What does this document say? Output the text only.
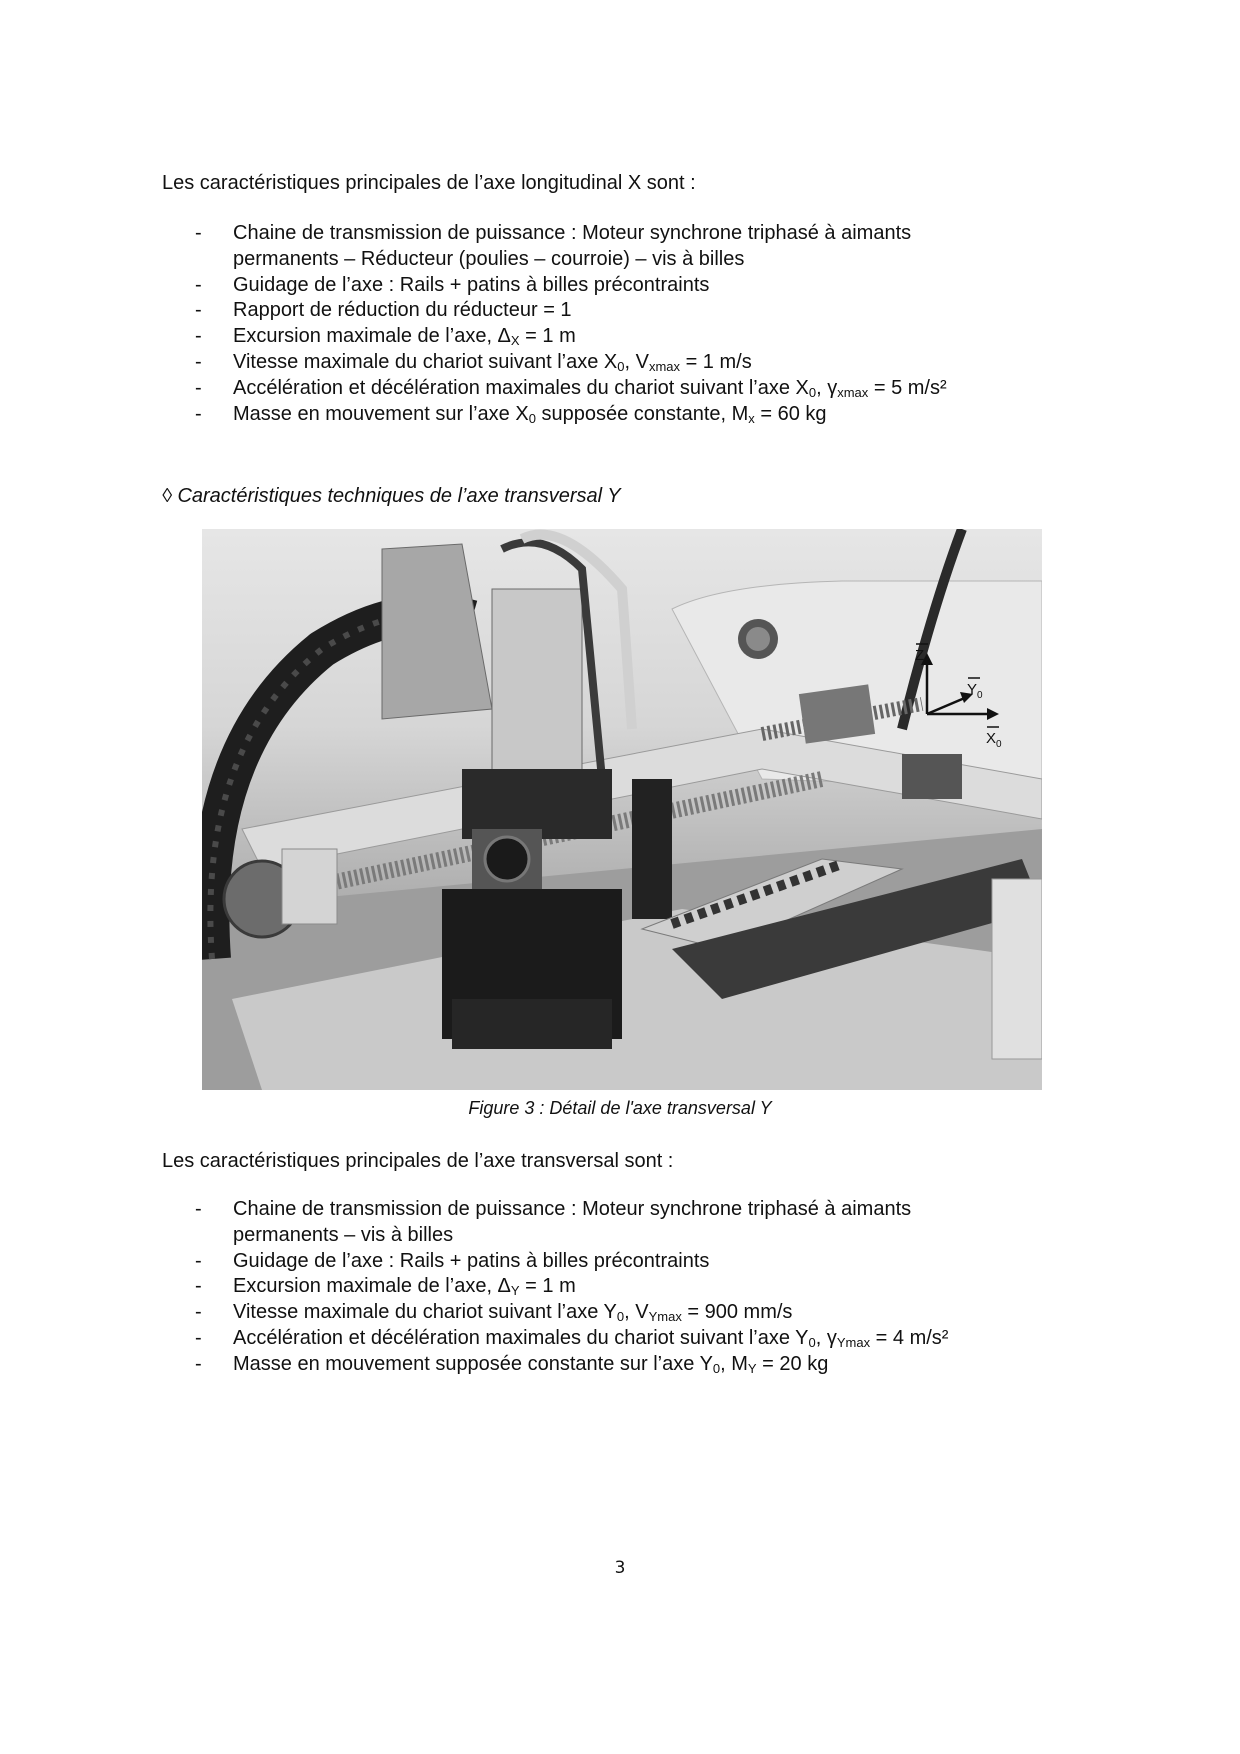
Les caractéristiques principales de l’axe longitudinal X sont :

-	Chaine de transmission de puissance : Moteur synchrone triphasé à aimants
permanents – Réducteur (poulies – courroie) – vis à billes
-	Guidage de l’axe : Rails + patins à billes précontraints
-	Rapport de réduction du réducteur = 1
-	Excursion maximale de l’axe, $\Delta_X = 1$ m
-	Vitesse maximale du chariot suivant l’axe $X_0$, $V_{xmax} = 1$ m/s
-	Accélération et décélération maximales du chariot suivant l’axe $X_0$, $\gamma_{xmax} = 5$ m/s²
-	Masse en mouvement sur l’axe $X_0$ supposée constante, $M_x = 60$ kg

◊ Caractéristiques techniques de l’axe transversal Y

$Z_0$
$Y_0$
$X_0$

Figure 3 : Détail de l'axe transversal Y

Les caractéristiques principales de l’axe transversal sont :

-	Chaine de transmission de puissance : Moteur synchrone triphasé à aimants
permanents – vis à billes
-	Guidage de l’axe : Rails + patins à billes précontraints
-	Excursion maximale de l’axe, $\Delta_Y = 1$ m
-	Vitesse maximale du chariot suivant l’axe $Y_0$, $V_{Ymax} = 900$ mm/s
-	Accélération et décélération maximales du chariot suivant l’axe $Y_0$, $\gamma_{Ymax} = 4$ m/s²
-	Masse en mouvement supposée constante sur l’axe $Y_0$, $M_Y = 20$ kg
3
